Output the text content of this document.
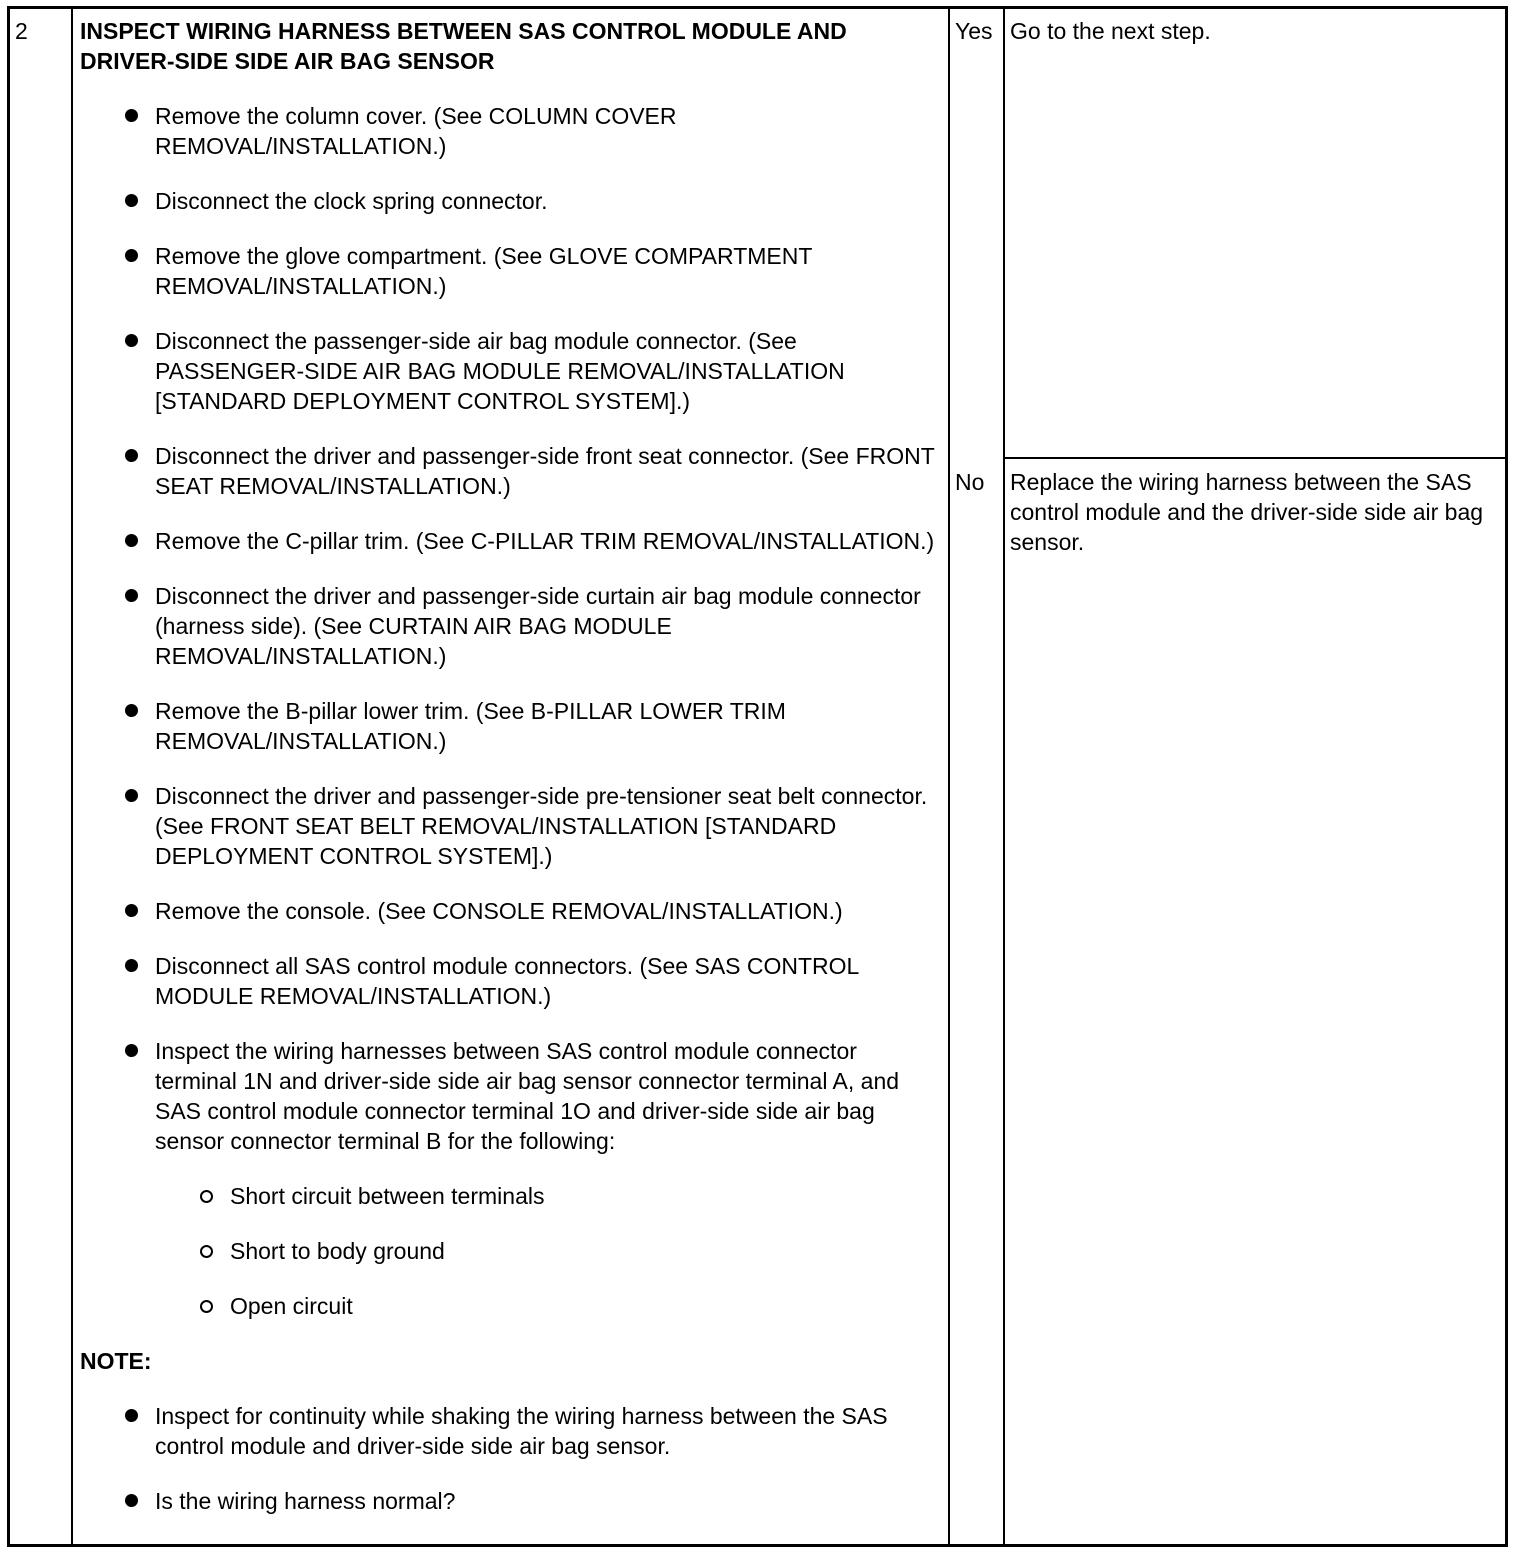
2 INSPECT WIRING HARNESS BETWEEN SAS CONTROL MODULE AND
DRIVER-SIDE SIDE AIR BAG SENSOR
Remove the column cover. (See COLUMN COVER REMOVAL/INSTALLATION.)
Disconnect the clock spring connector.
Remove the glove compartment. (See GLOVE COMPARTMENT REMOVAL/INSTALLATION.)
Disconnect the passenger-side air bag module connector. (See PASSENGER-SIDE AIR BAG MODULE REMOVAL/INSTALLATION [STANDARD DEPLOYMENT CONTROL SYSTEM].)
Disconnect the driver and passenger-side front seat connector. (See FRONT SEAT REMOVAL/INSTALLATION.)
Remove the C-pillar trim. (See C-PILLAR TRIM REMOVAL/INSTALLATION.)
Disconnect the driver and passenger-side curtain air bag module connector (harness side). (See CURTAIN AIR BAG MODULE REMOVAL/INSTALLATION.)
Remove the B-pillar lower trim. (See B-PILLAR LOWER TRIM REMOVAL/INSTALLATION.)
Disconnect the driver and passenger-side pre-tensioner seat belt connector. (See FRONT SEAT BELT REMOVAL/INSTALLATION [STANDARD DEPLOYMENT CONTROL SYSTEM].)
Remove the console. (See CONSOLE REMOVAL/INSTALLATION.)
Disconnect all SAS control module connectors. (See SAS CONTROL MODULE REMOVAL/INSTALLATION.)
Inspect the wiring harnesses between SAS control module connector terminal 1N and driver-side side air bag sensor connector terminal A, and SAS control module connector terminal 1O and driver-side side air bag sensor connector terminal B for the following:
Short circuit between terminals
Short to body ground
Open circuit
NOTE:
Inspect for continuity while shaking the wiring harness between the SAS control module and driver-side side air bag sensor.
Is the wiring harness normal?
Yes Go to the next step.
No Replace the wiring harness between the SAS control module and the driver-side side air bag sensor.
